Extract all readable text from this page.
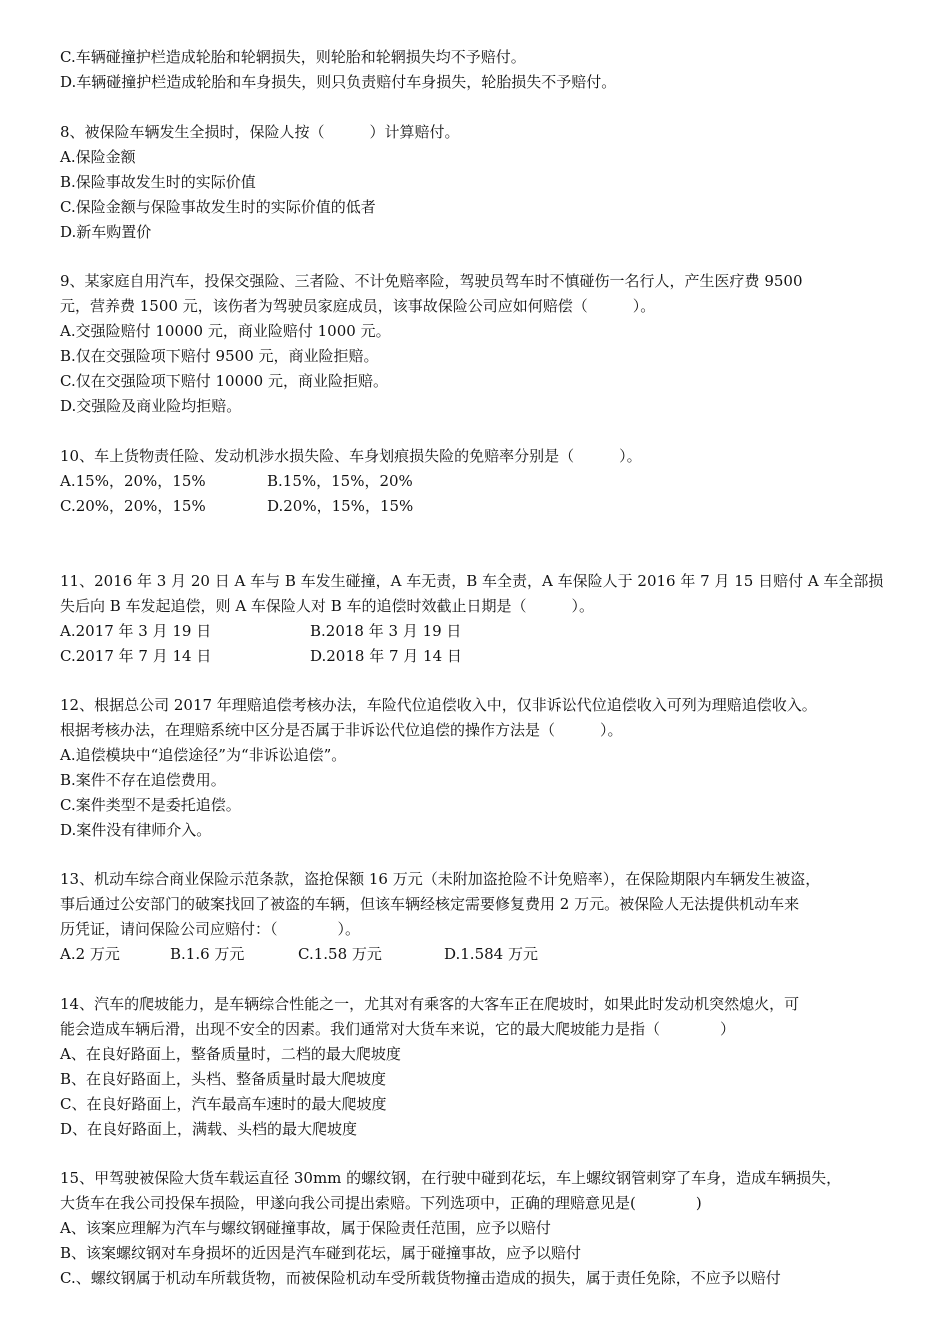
C.车辆碰撞护栏造成轮胎和轮辋损失，则轮胎和轮辋损失均不予赔付。
D.车辆碰撞护栏造成轮胎和车身损失，则只负责赔付车身损失，轮胎损失不予赔付。
8、被保险车辆发生全损时，保险人按（　　　）计算赔付。
A.保险金额
B.保险事故发生时的实际价值
C.保险金额与保险事故发生时的实际价值的低者
D.新车购置价
9、某家庭自用汽车，投保交强险、三者险、不计免赔率险，驾驶员驾车时不慎碰伤一名行人，产生医疗费 9500
元，营养费 1500 元，该伤者为驾驶员家庭成员，该事故保险公司应如何赔偿（　　　）。
A.交强险赔付 10000 元，商业险赔付 1000 元。
B.仅在交强险项下赔付 9500 元，商业险拒赔。
C.仅在交强险项下赔付 10000 元，商业险拒赔。
D.交强险及商业险均拒赔。
10、车上货物责任险、发动机涉水损失险、车身划痕损失险的免赔率分别是（　　　）。
A.15%，20%，15%	B.15%，15%，20%
C.20%，20%，15%	D.20%，15%，15%
11、2016 年 3 月 20 日 A 车与 B 车发生碰撞，A 车无责，B 车全责，A 车保险人于 2016 年 7 月 15 日赔付 A 车全部损
失后向 B 车发起追偿，则 A 车保险人对 B 车的追偿时效截止日期是（　　　）。
A.2017 年 3 月 19 日	B.2018 年 3 月 19 日
C.2017 年 7 月 14 日	D.2018 年 7 月 14 日
12、根据总公司 2017 年理赔追偿考核办法，车险代位追偿收入中，仅非诉讼代位追偿收入可列为理赔追偿收入。
根据考核办法，在理赔系统中区分是否属于非诉讼代位追偿的操作方法是（　　　）。
A.追偿模块中“追偿途径”为“非诉讼追偿”。
B.案件不存在追偿费用。
C.案件类型不是委托追偿。
D.案件没有律师介入。
13、机动车综合商业保险示范条款，盗抢保额 16 万元（未附加盗抢险不计免赔率），在保险期限内车辆发生被盗，
事后通过公安部门的破案找回了被盗的车辆，但该车辆经核定需要修复费用 2 万元。被保险人无法提供机动车来
历凭证，请问保险公司应赔付：（　　　　）。
A.2 万元	B.1.6 万元	C.1.58 万元	D.1.584 万元
14、汽车的爬坡能力，是车辆综合性能之一，尤其对有乘客的大客车正在爬坡时，如果此时发动机突然熄火，可
能会造成车辆后滑，出现不安全的因素。我们通常对大货车来说，它的最大爬坡能力是指（　　　　）
A、在良好路面上，整备质量时，二档的最大爬坡度
B、在良好路面上，头档、整备质量时最大爬坡度
C、在良好路面上，汽车最高车速时的最大爬坡度
D、在良好路面上，满载、头档的最大爬坡度
15、甲驾驶被保险大货车载运直径 30mm 的螺纹钢，在行驶中碰到花坛，车上螺纹钢管刺穿了车身，造成车辆损失，
大货车在我公司投保车损险，甲遂向我公司提出索赔。下列选项中，正确的理赔意见是(　　　　)
A、该案应理解为汽车与螺纹钢碰撞事故，属于保险责任范围，应予以赔付
B、该案螺纹钢对车身损坏的近因是汽车碰到花坛，属于碰撞事故，应予以赔付
C.、螺纹钢属于机动车所载货物，而被保险机动车受所载货物撞击造成的损失，属于责任免除，不应予以赔付
